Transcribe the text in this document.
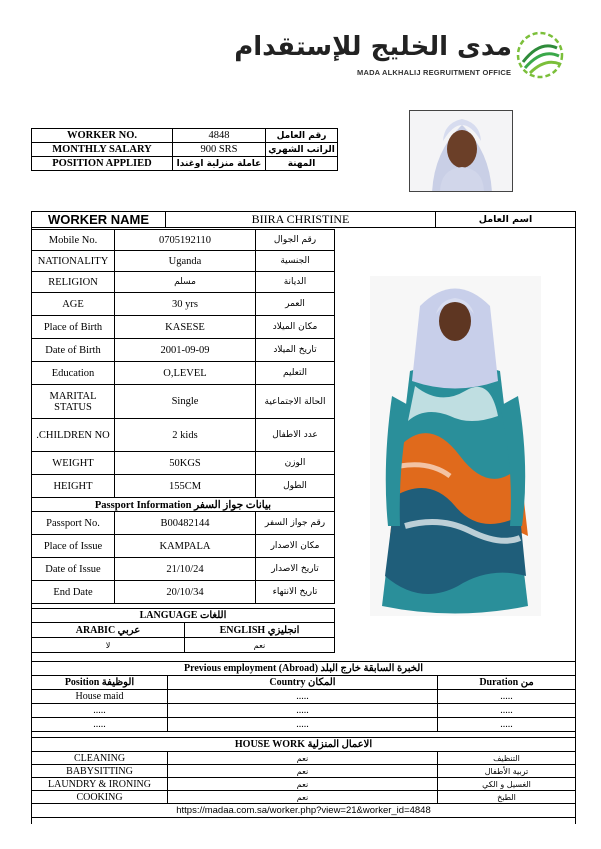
مدى الخليج للإستقدام
MADA ALKHALIJ REGRUITMENT OFFICE
WORKER NO.	4848	رقم العامل
MONTHLY SALARY	900 SRS	الراتب الشهري
POSITION APPLIED	عاملة منزلية اوغندا	المهنة
WORKER NAME	BIIRA CHRISTINE	اسم العامل
Mobile No.	0705192110	رقم الجوال
NATIONALITY	Uganda	الجنسية
RELIGION	مسلم	الديانة
AGE	30 yrs	العمر
Place of Birth	KASESE	مكان الميلاد
Date of Birth	2001-09-09	تاريخ الميلاد
Education	O,LEVEL	التعليم
MARITAL STATUS	Single	الحالة الاجتماعية
.CHILDREN NO	2 kids	عدد الاطفال
WEIGHT	50KGS	الوزن
HEIGHT	155CM	الطول
Passport Information بيانات جواز السفر		
Passport No.	B00482144	رقم جواز السفر
Place of Issue	KAMPALA	مكان الاصدار
Date of Issue	21/10/24	تاريخ الاصدار
End Date	20/10/34	تاريخ الانتهاء
LANGUAGE اللغات	
ARABIC عربي	ENGLISH انجليزي
لا	نعم
Previous employment (Abroad) الخبرة السابقة خارج البلد		
Position الوظيفة	Country المكان	Duration من
House maid	.....	.....
.....	.....	.....
.....	.....	.....
HOUSE WORK الاعمال المنزلية		
CLEANING	نعم	التنظيف
BABYSITTING	نعم	تربية الأطفال
LAUNDRY & IRONING	نعم	الغسيل و الكي
COOKING	نعم	الطبخ
https://madaa.com.sa/worker.php?view=21&worker_id=4848		
